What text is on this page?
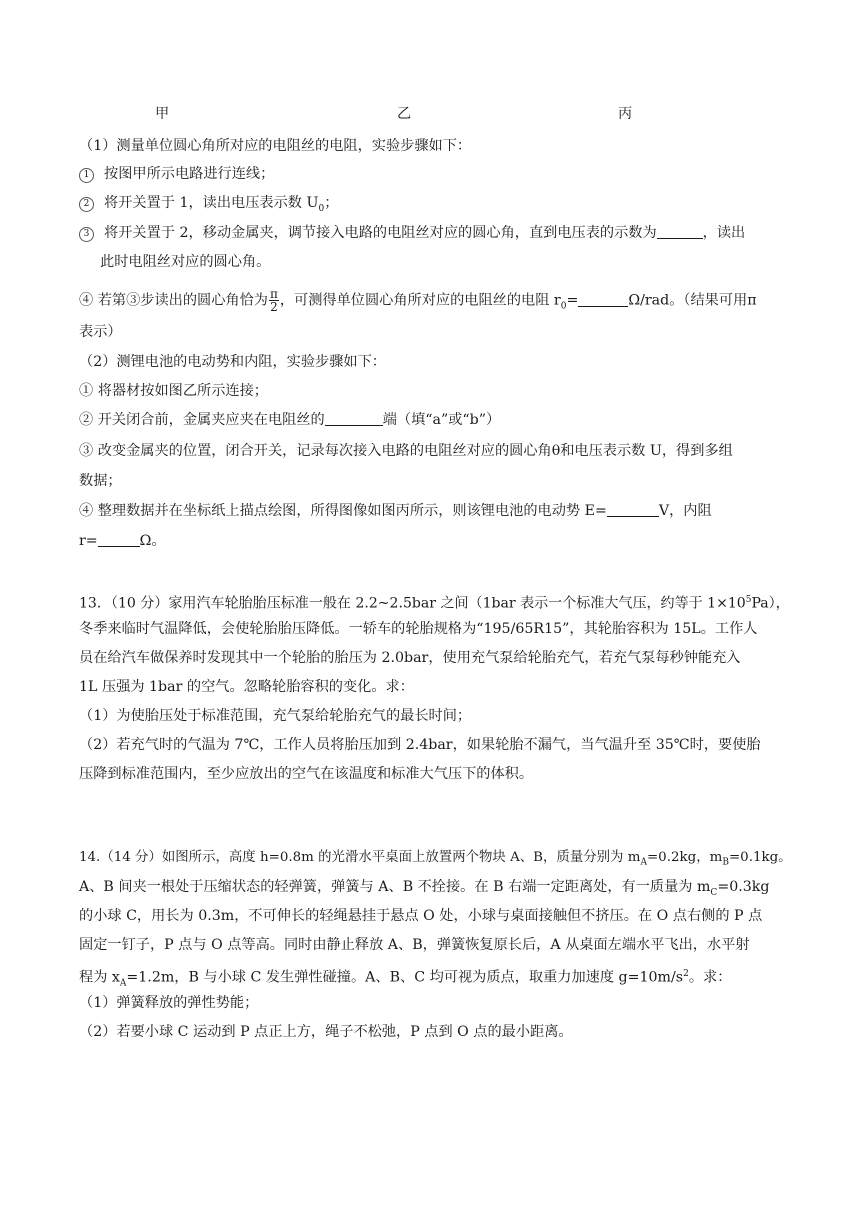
甲	乙	丙
（1）测量单位圆心角所对应的电阻丝的电阻，实验步骤如下：
1 按图甲所示电路进行连线；
2 将开关置于 1，读出电压表示数 $U_0$；
3 将开关置于 2，移动金属夹，调节接入电路的电阻丝对应的圆心角，直到电压表的示数为	，读出
此时电阻丝对应的圆心角。
④ 若第③步读出的圆心角恰为 $\frac{\pi}{2}$ ，可测得单位圆心角所对应的电阻丝的电阻 $r_0=$	Ω/rad。（结果可用π
表示）
（2）测锂电池的电动势和内阻，实验步骤如下：
① 将器材按如图乙所示连接；
② 开关闭合前，金属夹应夹在电阻丝的	端（填“a”或“b”）
③ 改变金属夹的位置，闭合开关，记录每次接入电路的电阻丝对应的圆心角θ和电压表示数 U，得到多组
数据；
④ 整理数据并在坐标纸上描点绘图，所得图像如图丙所示，则该锂电池的电动势 E=	V，内阻
r=	Ω。
13．（10 分）家用汽车轮胎胎压标准一般在 2.2~2.5bar 之间（1bar 表示一个标准大气压，约等于 $1\times 10^5Pa$），
冬季来临时气温降低，会使轮胎胎压降低。一轿车的轮胎规格为“195/65R15”，其轮胎容积为 15L。工作人
员在给汽车做保养时发现其中一个轮胎的胎压为 2.0bar，使用充气泵给轮胎充气，若充气泵每秒钟能充入
1L 压强为 1bar 的空气。忽略轮胎容积的变化。求：
（1）为使胎压处于标准范围，充气泵给轮胎充气的最长时间；
（2）若充气时的气温为 7℃，工作人员将胎压加到 2.4bar，如果轮胎不漏气，当气温升至 35℃时，要使胎
压降到标准范围内，至少应放出的空气在该温度和标准大气压下的体积。
14.（14 分）如图所示，高度 h=0.8m 的光滑水平桌面上放置两个物块 A、B，质量分别为 $m_A=0.2kg$，$m_B=0.1kg$。
A、B 间夹一根处于压缩状态的轻弹簧，弹簧与 A、B 不拴接。在 B 右端一定距离处，有一质量为 $m_C=0.3kg$
的小球 C，用长为 0.3m，不可伸长的轻绳悬挂于悬点 O 处，小球与桌面接触但不挤压。在 O 点右侧的 P 点
固定一钉子，P 点与 O 点等高。同时由静止释放 A、B，弹簧恢复原长后，A 从桌面左端水平飞出，水平射
程为 $x_A=1.2m$，B 与小球 C 发生弹性碰撞。A、B、C 均可视为质点，取重力加速度 $g=10m/s^2$。求：
（1）弹簧释放的弹性势能；
（2）若要小球 C 运动到 P 点正上方，绳子不松弛，P 点到 O 点的最小距离。
